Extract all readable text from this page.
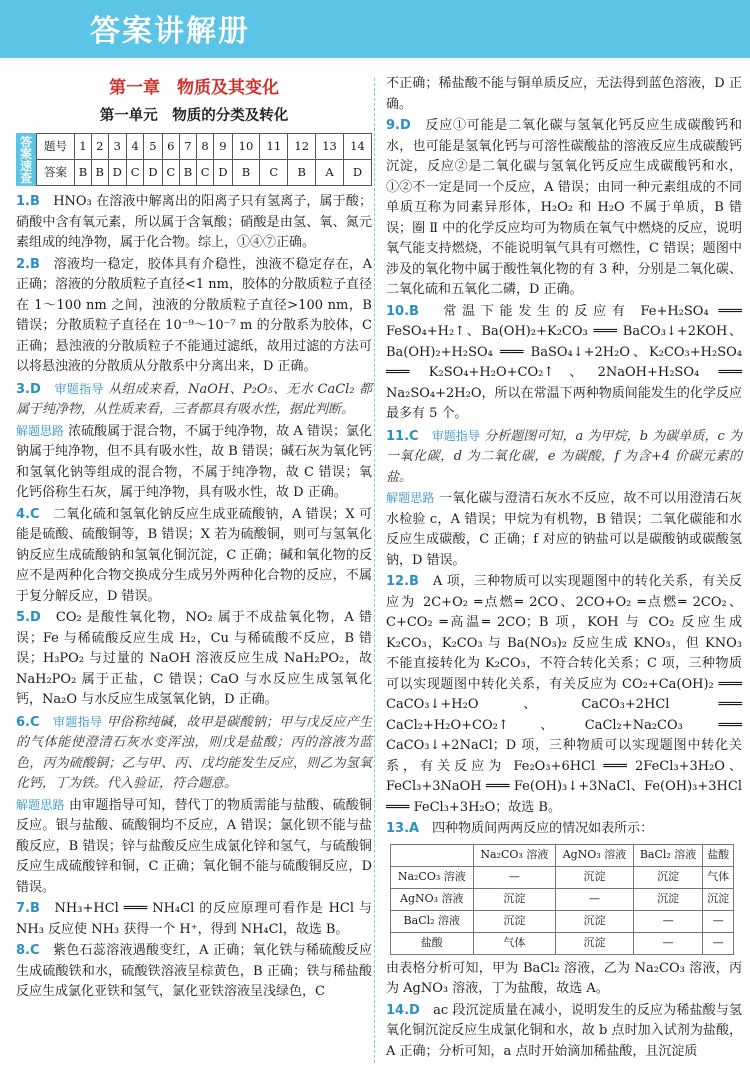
答案讲解册
第一章　物质及其变化
第一单元　物质的分类及转化
答
案
速
查
题号	1	2	3	4	5	6	7	8	9	10	11	12	13	14
答案	B	B	D	C	D	C	B	C	D	B	C	B	A	D

1.B　HNO₃ 在溶液中解离出的阳离子只有氢离子，属于酸；硝酸中含有氧元素，所以属于含氧酸；硝酸是由氢、氧、氮元素组成的纯净物，属于化合物。综上，①④⑦正确。

2.B　溶液均一稳定，胶体具有介稳性，浊液不稳定存在，A 正确；溶液的分散质粒子直径<1 nm，胶体的分散质粒子直径在 1～100 nm 之间，浊液的分散质粒子直径>100 nm，B 错误；分散质粒子直径在 10⁻⁹～10⁻⁷ m 的分散系为胶体，C 正确；悬浊液的分散质粒子不能通过滤纸，故用过滤的方法可以将悬浊液的分散质从分散系中分离出来，D 正确。

3.D　审题指导 从组成来看，NaOH、P₂O₅、无水 CaCl₂ 都属于纯净物，从性质来看，三者都具有吸水性，据此判断。
解题思路 浓硫酸属于混合物，不属于纯净物，故 A 错误；氯化钠属于纯净物，但不具有吸水性，故 B 错误；碱石灰为氧化钙和氢氧化钠等组成的混合物，不属于纯净物，故 C 错误；氧化钙俗称生石灰，属于纯净物，具有吸水性，故 D 正确。

4.C　二氧化硫和氢氧化钠反应生成亚硫酸钠，A 错误；X 可能是硫酸、硫酸铜等，B 错误；X 若为硫酸铜，则可与氢氧化钠反应生成硫酸钠和氢氧化铜沉淀，C 正确；碱和氧化物的反应不是两种化合物交换成分生成另外两种化合物的反应，不属于复分解反应，D 错误。

5.D　CO₂ 是酸性氧化物，NO₂ 属于不成盐氧化物，A 错误；Fe 与稀硫酸反应生成 H₂，Cu 与稀硫酸不反应，B 错误；H₃PO₂ 与过量的 NaOH 溶液反应生成 NaH₂PO₂，故 NaH₂PO₂ 属于正盐，C 错误；CaO 与水反应生成氢氧化钙，Na₂O 与水反应生成氢氧化钠，D 正确。

6.C　审题指导 甲俗称纯碱，故甲是碳酸钠；甲与戊反应产生的气体能使澄清石灰水变浑浊，则戊是盐酸；丙的溶液为蓝色，丙为硫酸铜；乙与甲、丙、戊均能发生反应，则乙为氢氧化钙，丁为铁。代入验证，符合题意。
解题思路 由审题指导可知，替代丁的物质需能与盐酸、硫酸铜反应。银与盐酸、硫酸铜均不反应，A 错误；氯化钡不能与盐酸反应，B 错误；锌与盐酸反应生成氯化锌和氢气，与硫酸铜反应生成硫酸锌和铜，C 正确；氧化铜不能与硫酸铜反应，D 错误。

7.B　NH₃+HCl ═══ NH₄Cl 的反应原理可看作是 HCl 与 NH₃ 反应使 NH₃ 获得一个 H⁺，得到 NH₄Cl，故选 B。

8.C　紫色石蕊溶液遇酸变红，A 正确；氧化铁与稀硫酸反应生成硫酸铁和水，硫酸铁溶液呈棕黄色，B 正确；铁与稀盐酸反应生成氯化亚铁和氢气，氯化亚铁溶液呈浅绿色，C

不正确；稀盐酸不能与铜单质反应，无法得到蓝色溶液，D 正确。

9.D　反应①可能是二氧化碳与氢氧化钙反应生成碳酸钙和水，也可能是氢氧化钙与可溶性碳酸盐的溶液反应生成碳酸钙沉淀，反应②是二氧化碳与氢氧化钙反应生成碳酸钙和水，①②不一定是同一个反应，A 错误；由同一种元素组成的不同单质互称为同素异形体，H₂O₂ 和 H₂O 不属于单质，B 错误；圈 Ⅱ 中的化学反应均可为物质在氧气中燃烧的反应，说明氧气能支持燃烧，不能说明氧气具有可燃性，C 错误；题图中涉及的氧化物中属于酸性氧化物的有 3 种，分别是二氧化碳、二氧化硫和五氧化二磷，D 正确。

10.B　常温下能发生的反应有 Fe+H₂SO₄ ═══ FeSO₄+H₂↑、Ba(OH)₂+K₂CO₃ ═══ BaCO₃↓+2KOH、Ba(OH)₂+H₂SO₄ ═══ BaSO₄↓+2H₂O、K₂CO₃+H₂SO₄ ═══ K₂SO₄+H₂O+CO₂↑、2NaOH+H₂SO₄ ═══ Na₂SO₄+2H₂O，所以在常温下两种物质间能发生的化学反应最多有 5 个。

11.C　审题指导 分析题图可知，a 为甲烷，b 为碳单质，c 为一氧化碳，d 为二氧化碳，e 为碳酸，f 为含+4 价碳元素的盐。
解题思路 一氧化碳与澄清石灰水不反应，故不可以用澄清石灰水检验 c，A 错误；甲烷为有机物，B 错误；二氧化碳能和水反应生成碳酸，C 正确；f 对应的钠盐可以是碳酸钠或碳酸氢钠，D 错误。

12.B　A 项，三种物质可以实现题图中的转化关系，有关反应为 2C+O₂ ═点燃═ 2CO、2CO+O₂ ═点燃═ 2CO₂、C+CO₂ ═高温═ 2CO；B 项，KOH 与 CO₂ 反应生成 K₂CO₃，K₂CO₃ 与 Ba(NO₃)₂ 反应生成 KNO₃，但 KNO₃ 不能直接转化为 K₂CO₃，不符合转化关系；C 项，三种物质可以实现题图中转化关系，有关反应为 CO₂+Ca(OH)₂ ═══ CaCO₃↓+H₂O、CaCO₃+2HCl ═══ CaCl₂+H₂O+CO₂↑、CaCl₂+Na₂CO₃ ═══ CaCO₃↓+2NaCl；D 项，三种物质可以实现题图中转化关系，有关反应为 Fe₂O₃+6HCl ═══ 2FeCl₃+3H₂O、FeCl₃+3NaOH ═══ Fe(OH)₃↓+3NaCl、Fe(OH)₃+3HCl ═══ FeCl₃+3H₂O；故选 B。

13.A　四种物质间两两反应的情况如表所示：

	Na₂CO₃ 溶液	AgNO₃ 溶液	BaCl₂ 溶液	盐酸
Na₂CO₃ 溶液	—	沉淀	沉淀	气体
AgNO₃ 溶液	沉淀	—	沉淀	沉淀
BaCl₂ 溶液	沉淀	沉淀	—	—
盐酸	气体	沉淀	—	—

由表格分析可知，甲为 BaCl₂ 溶液，乙为 Na₂CO₃ 溶液，丙为 AgNO₃ 溶液，丁为盐酸，故选 A。

14.D　ac 段沉淀质量在减小，说明发生的反应为稀盐酸与氢氧化铜沉淀反应生成氯化铜和水，故 b 点时加入试剂为盐酸，A 正确；分析可知，a 点时开始滴加稀盐酸，且沉淀质
